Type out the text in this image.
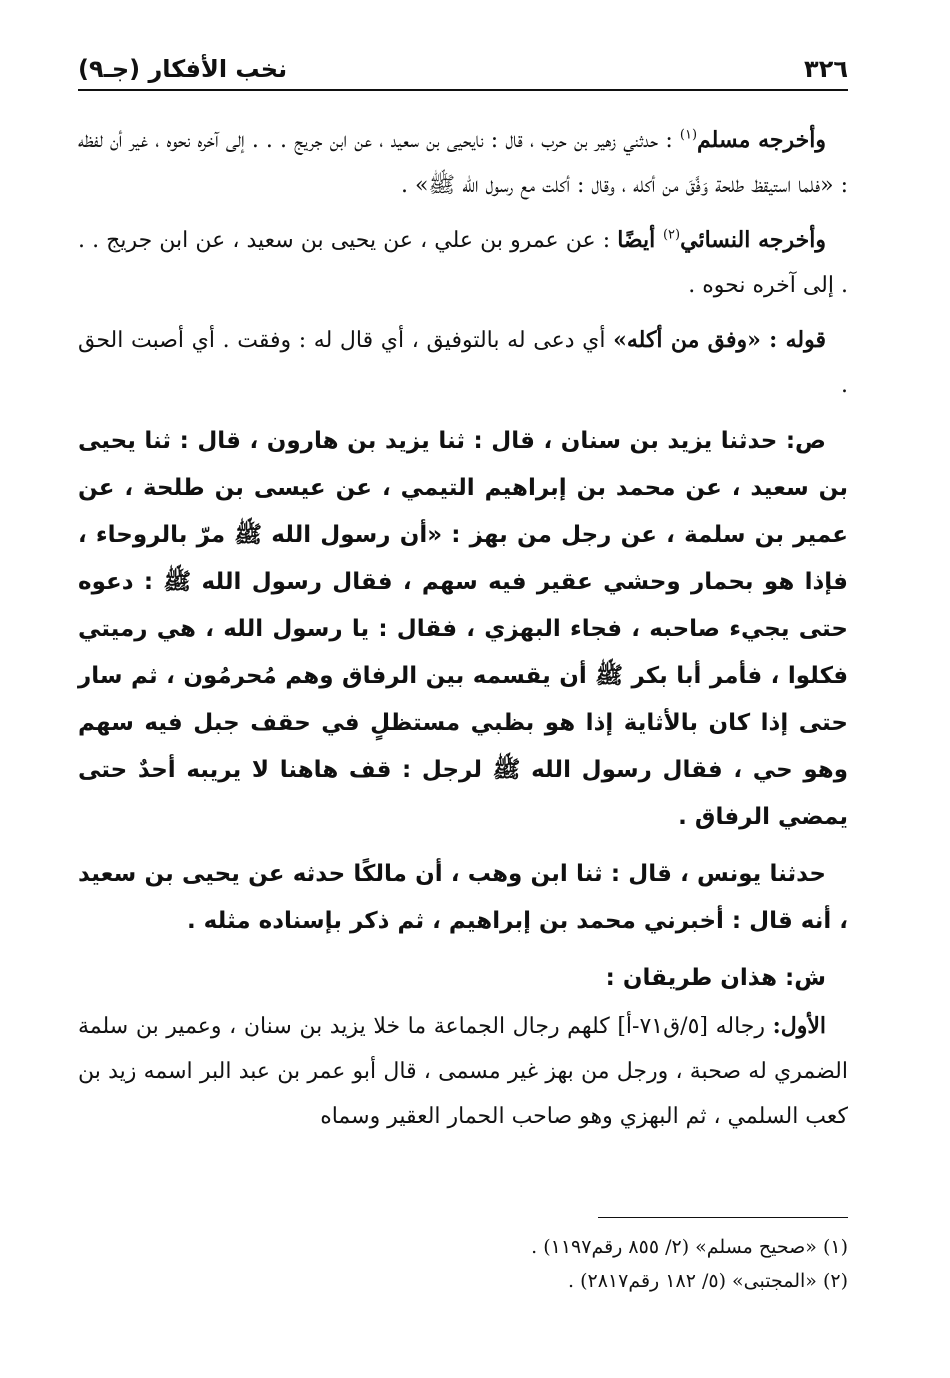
٣٢٦
نخب الأفكار (جـ٩)

وأخرجه مسلم$^{(١)}$ : حدثني زهير بن حرب ، قال : نايحيى بن سعيد ، عن ابن جريج . . . إلى آخره نحوه ، غير أن لفظه : «فلما استيقظ طلحة وَفَّقَ من أكله ، وقال : أكلت مع رسول الله ﷺ» .

وأخرجه النسائي$^{(٢)}$ أيضًا : عن عمرو بن علي ، عن يحيى بن سعيد ، عن ابن جريج . . . إلى آخره نحوه .

قوله : «وفق من أكله» أي دعى له بالتوفيق ، أي قال له : وفقت . أي أصبت الحق .

ص: حدثنا يزيد بن سنان ، قال : ثنا يزيد بن هارون ، قال : ثنا يحيى بن سعيد ، عن محمد بن إبراهيم التيمي ، عن عيسى بن طلحة ، عن عمير بن سلمة ، عن رجل من بهز : «أن رسول الله ﷺ مرّ بالروحاء ، فإذا هو بحمار وحشي عقير فيه سهم ، فقال رسول الله ﷺ : دعوه حتى يجيء صاحبه ، فجاء البهزي ، فقال : يا رسول الله ، هي رميتي فكلوا ، فأمر أبا بكر ﷺ أن يقسمه بين الرفاق وهم مُحرمُون ، ثم سار حتى إذا كان بالأثاية إذا هو بظبي مستظلٍ في حقف جبل فيه سهم وهو حي ، فقال رسول الله ﷺ لرجل : قف هاهنا لا يريبه أحدٌ حتى يمضي الرفاق .

حدثنا يونس ، قال : ثنا ابن وهب ، أن مالكًا حدثه عن يحيى بن سعيد ، أنه قال : أخبرني محمد بن إبراهيم ، ثم ذكر بإسناده مثله .

ش: هذان طريقان :

الأول: رجاله [٥/ق٧١-أ] كلهم رجال الجماعة ما خلا يزيد بن سنان ، وعمير بن سلمة الضمري له صحبة ، ورجل من بهز غير مسمى ، قال أبو عمر بن عبد البر اسمه زيد بن كعب السلمي ، ثم البهزي وهو صاحب الحمار العقير وسماه

(١) «صحيح مسلم» (٢/ ٨٥٥ رقم١١٩٧) .
(٢) «المجتبى» (٥/ ١٨٢ رقم٢٨١٧) .
